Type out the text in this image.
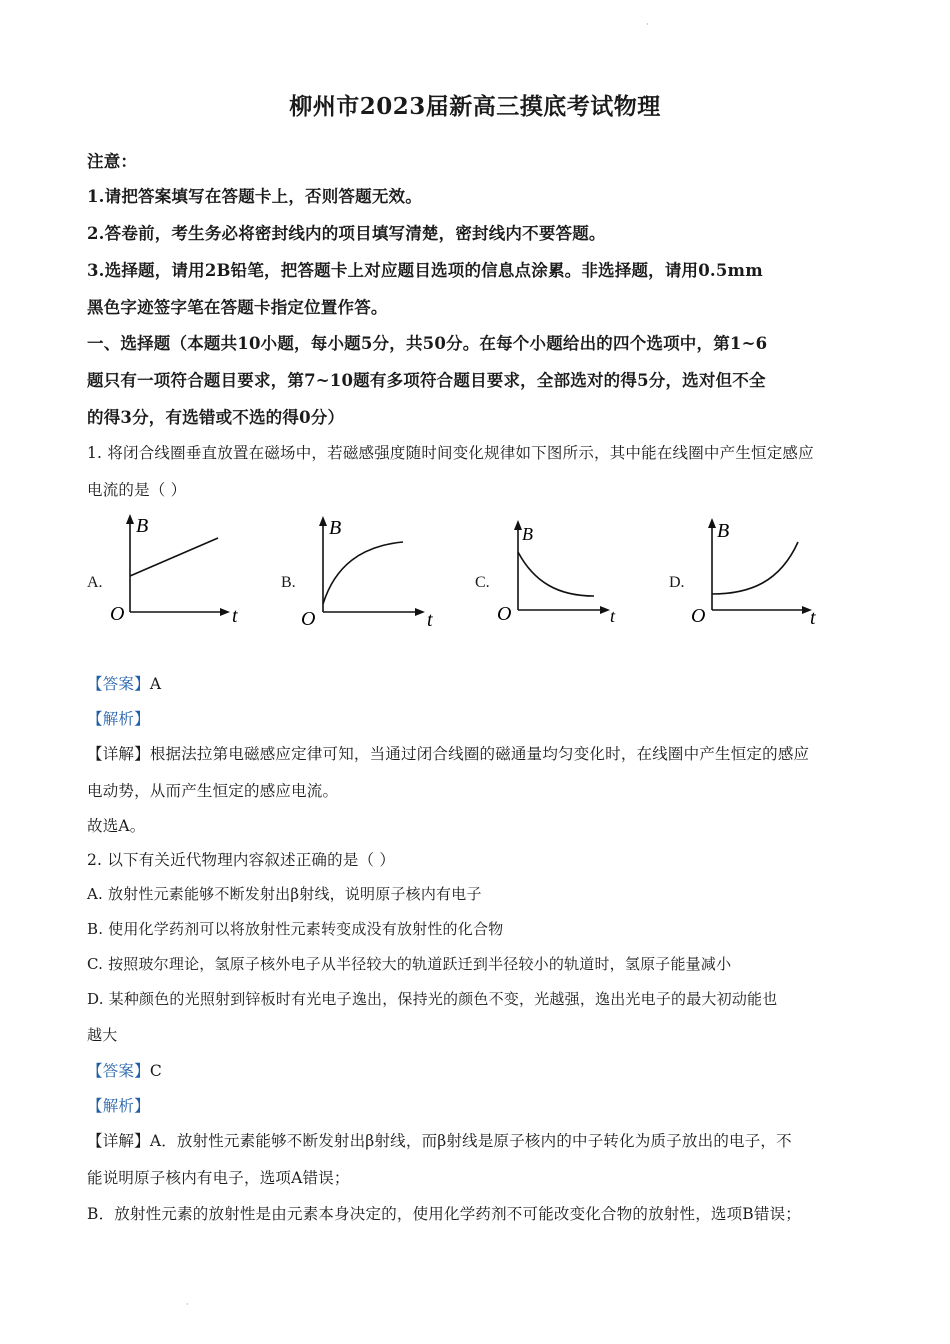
·
柳州市2023届新高三摸底考试物理
注意：
1.请把答案填写在答题卡上，否则答题无效。
2.答卷前，考生务必将密封线内的项目填写清楚，密封线内不要答题。
3.选择题，请用2B铅笔，把答题卡上对应题目选项的信息点涂累。非选择题，请用0.5mm
黑色字迹签字笔在答题卡指定位置作答。
一、选择题（本题共10小题，每小题5分，共50分。在每个小题给出的四个选项中，第1~6
题只有一项符合题目要求，第7~10题有多项符合题目要求，全部选对的得5分，选对但不全
的得3分，有选错或不选的得0分）
1. 将闭合线圈垂直放置在磁场中，若磁感强度随时间变化规律如下图所示，其中能在线圈中产生恒定感应
电流的是（ ）
A.
B
t
O
B.
B
t
O
C.
B
t
O
D.
B
t
O
【答案】A
【解析】
【详解】根据法拉第电磁感应定律可知，当通过闭合线圈的磁通量均匀变化时，在线圈中产生恒定的感应
电动势，从而产生恒定的感应电流。
故选A。
2. 以下有关近代物理内容叙述正确的是（ ）
A. 放射性元素能够不断发射出β射线，说明原子核内有电子
B. 使用化学药剂可以将放射性元素转变成没有放射性的化合物
C. 按照玻尔理论，氢原子核外电子从半径较大的轨道跃迁到半径较小的轨道时，氢原子能量减小
D. 某种颜色的光照射到锌板时有光电子逸出，保持光的颜色不变，光越强，逸出光电子的最大初动能也
越大
【答案】C
【解析】
【详解】A．放射性元素能够不断发射出β射线，而β射线是原子核内的中子转化为质子放出的电子，不
能说明原子核内有电子，选项A错误；
B．放射性元素的放射性是由元素本身决定的，使用化学药剂不可能改变化合物的放射性，选项B错误；
·
